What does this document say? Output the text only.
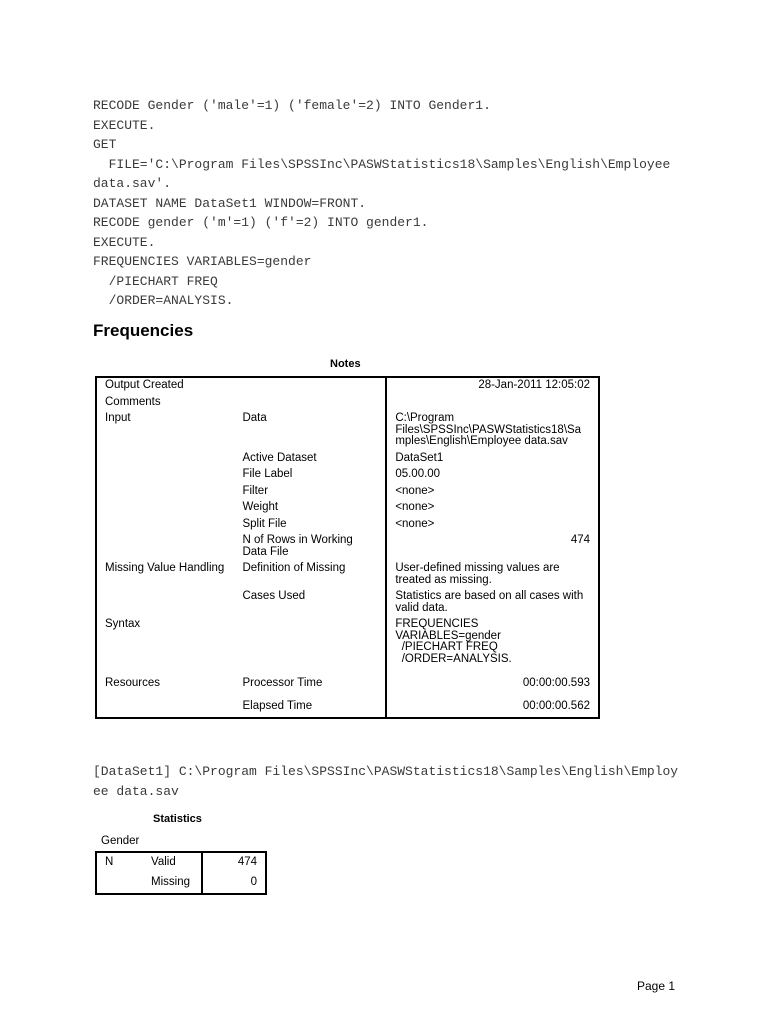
RECODE Gender ('male'=1) ('female'=2) INTO Gender1.
EXECUTE.
GET
FILE='C:\Program Files\SPSSInc\PASWStatistics18\Samples\English\Employee
data.sav'.
DATASET NAME DataSet1 WINDOW=FRONT.
RECODE gender ('m'=1) ('f'=2) INTO gender1.
EXECUTE.
FREQUENCIES VARIABLES=gender
/PIECHART FREQ
/ORDER=ANALYSIS.
Frequencies
Notes
Output Created		28-Jan-2011 12:05:02
Comments		
Input	Data	C:\Program
Files\SPSSInc\PASWStatistics18\Sa
mples\English\Employee data.sav
	Active Dataset	DataSet1
	File Label	05.00.00
	Filter	<none>
	Weight	<none>
	Split File	<none>
	N of Rows in Working
Data File	474
Missing Value Handling	Definition of Missing	User-defined missing values are
treated as missing.
	Cases Used	Statistics are based on all cases with
valid data.
Syntax		FREQUENCIES
VARIABLES=gender
/PIECHART FREQ
/ORDER=ANALYSIS.
Resources	Processor Time	00:00:00.593
	Elapsed Time	00:00:00.562
[DataSet1] C:\Program Files\SPSSInc\PASWStatistics18\Samples\English\Employ
ee data.sav
Statistics
Gender
N	Valid	474
	Missing	0
Page 1
